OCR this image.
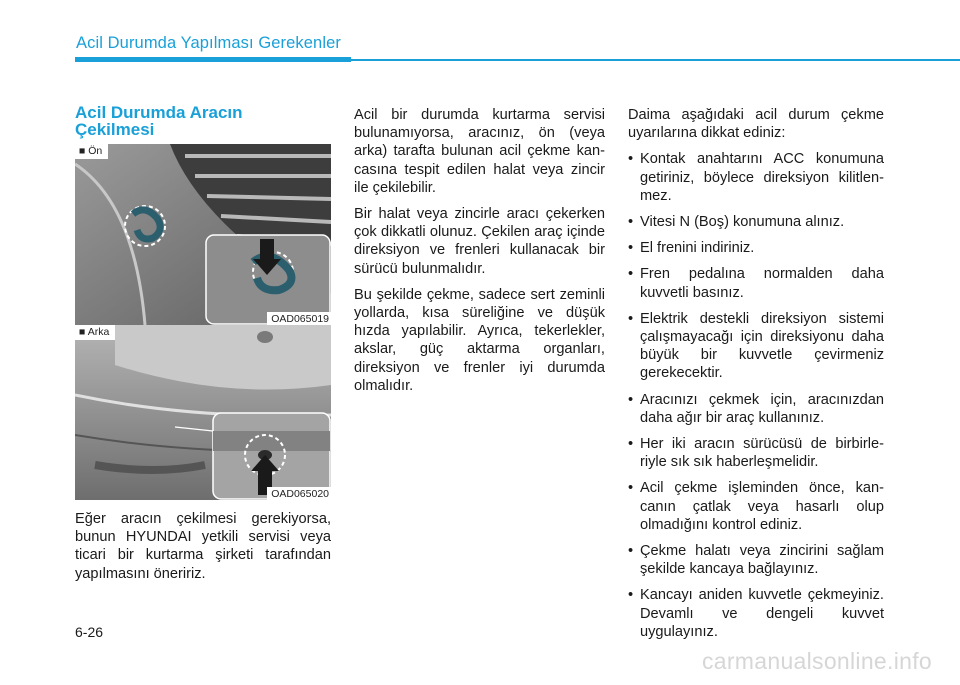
Acil Durumda Yapılması Gerekenler
Acil Durumda Aracın
Çekilmesi
■ Ön
OAD065019
■ Arka
OAD065020

Eğer aracın çekilmesi gerekiyorsa, bunun HYUNDAI yetkili servisi veya ticari bir kurtarma şirketi tarafından yapılmasını öneririz.

Acil bir durumda kurtarma servisi bulunamıyorsa, aracınız, ön (veya arka) tarafta bulunan acil çekme kancasına tespit edilen halat veya zincir ile çekilebilir.

Bir halat veya zincirle aracı çekerken çok dikkatli olunuz. Çekilen araç içinde direksiyon ve frenleri kullanacak bir sürücü bulunmalıdır.

Bu şekilde çekme, sadece sert zeminli yollarda, kısa süreliğine ve düşük hızda yapılabilir. Ayrıca, tekerlekler, akslar, güç aktarma organları, direksiyon ve frenler iyi durumda olmalıdır.

Daima aşağıdaki acil durum çekme uyarılarına dikkat ediniz:

• Kontak anahtarını ACC konumuna getiriniz, böylece direksiyon kilitlenmez.
• Vitesi N (Boş) konumuna alınız.
• El frenini indiriniz.
• Fren pedalına normalden daha kuvvetli basınız.
• Elektrik destekli direksiyon sistemi çalışmayacağı için direksiyonu daha büyük bir kuvvetle çevirmeniz gerekecektir.
• Aracınızı çekmek için, aracınızdan daha ağır bir araç kullanınız.
• Her iki aracın sürücüsü de birbirleriyle sık sık haberleşmelidir.
• Acil çekme işleminden önce, kancanın çatlak veya hasarlı olup olmadığını kontrol ediniz.
• Çekme halatı veya zincirini sağlam şekilde kancaya bağlayınız.
• Kancayı aniden kuvvetle çekmeyiniz. Devamlı ve dengeli kuvvet uygulayınız.
6-26
carmanualsonline.info
